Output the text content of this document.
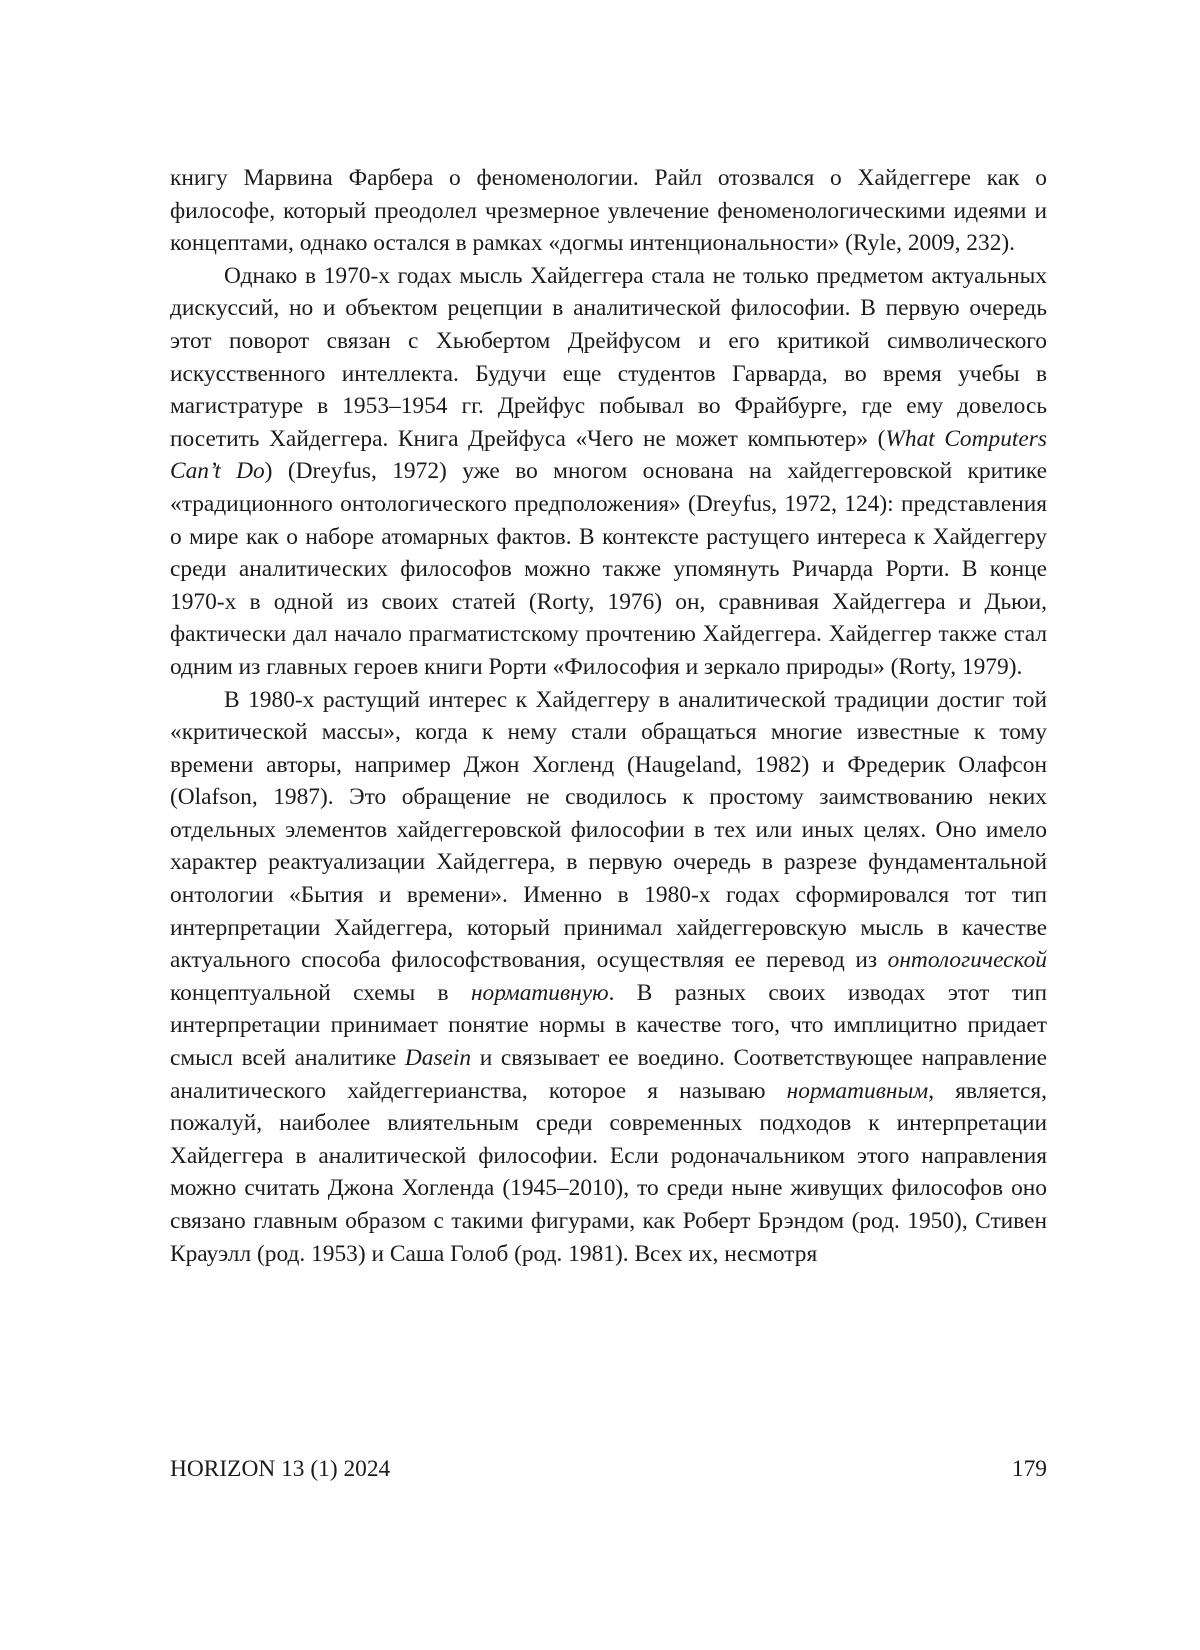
книгу Марвина Фарбера о феноменологии. Райл отозвался о Хайдеггере как о философе, который преодолел чрезмерное увлечение феноменологическими идеями и концептами, однако остался в рамках «догмы интенциональности» (Ryle, 2009, 232).

Однако в 1970-х годах мысль Хайдеггера стала не только предметом актуальных дискуссий, но и объектом рецепции в аналитической философии. В первую очередь этот поворот связан с Хьюбертом Дрейфусом и его критикой символического искусственного интеллекта. Будучи еще студентов Гарварда, во время учебы в магистратуре в 1953–1954 гг. Дрейфус побывал во Фрайбурге, где ему довелось посетить Хайдеггера. Книга Дрейфуса «Чего не может компьютер» (What Computers Can’t Do) (Dreyfus, 1972) уже во многом основана на хайдеггеровской критике «традиционного онтологического предположения» (Dreyfus, 1972, 124): представления о мире как о наборе атомарных фактов. В контексте растущего интереса к Хайдеггеру среди аналитических философов можно также упомянуть Ричарда Рорти. В конце 1970-х в одной из своих статей (Rorty, 1976) он, сравнивая Хайдеггера и Дьюи, фактически дал начало прагматистскому прочтению Хайдеггера. Хайдеггер также стал одним из главных героев книги Рорти «Философия и зеркало природы» (Rorty, 1979).

В 1980-х растущий интерес к Хайдеггеру в аналитической традиции достиг той «критической массы», когда к нему стали обращаться многие известные к тому времени авторы, например Джон Хогленд (Haugeland, 1982) и Фредерик Олафсон (Olafson, 1987). Это обращение не сводилось к простому заимствованию неких отдельных элементов хайдеггеровской философии в тех или иных целях. Оно имело характер реактуализации Хайдеггера, в первую очередь в разрезе фундаментальной онтологии «Бытия и времени». Именно в 1980-х годах сформировался тот тип интерпретации Хайдеггера, который принимал хайдеггеровскую мысль в качестве актуального способа философствования, осуществляя ее перевод из онтологической концептуальной схемы в нормативную. В разных своих изводах этот тип интерпретации принимает понятие нормы в качестве того, что имплицитно придает смысл всей аналитике Dasein и связывает ее воедино. Соответствующее направление аналитического хайдеггерианства, которое я называю нормативным, является, пожалуй, наиболее влиятельным среди современных подходов к интерпретации Хайдеггера в аналитической философии. Если родоначальником этого направления можно считать Джона Хогленда (1945–2010), то среди ныне живущих философов оно связано главным образом с такими фигурами, как Роберт Брэндом (род. 1950), Стивен Крауэлл (род. 1953) и Саша Голоб (род. 1981). Всех их, несмотря

HORIZON 13 (1) 2024	179
